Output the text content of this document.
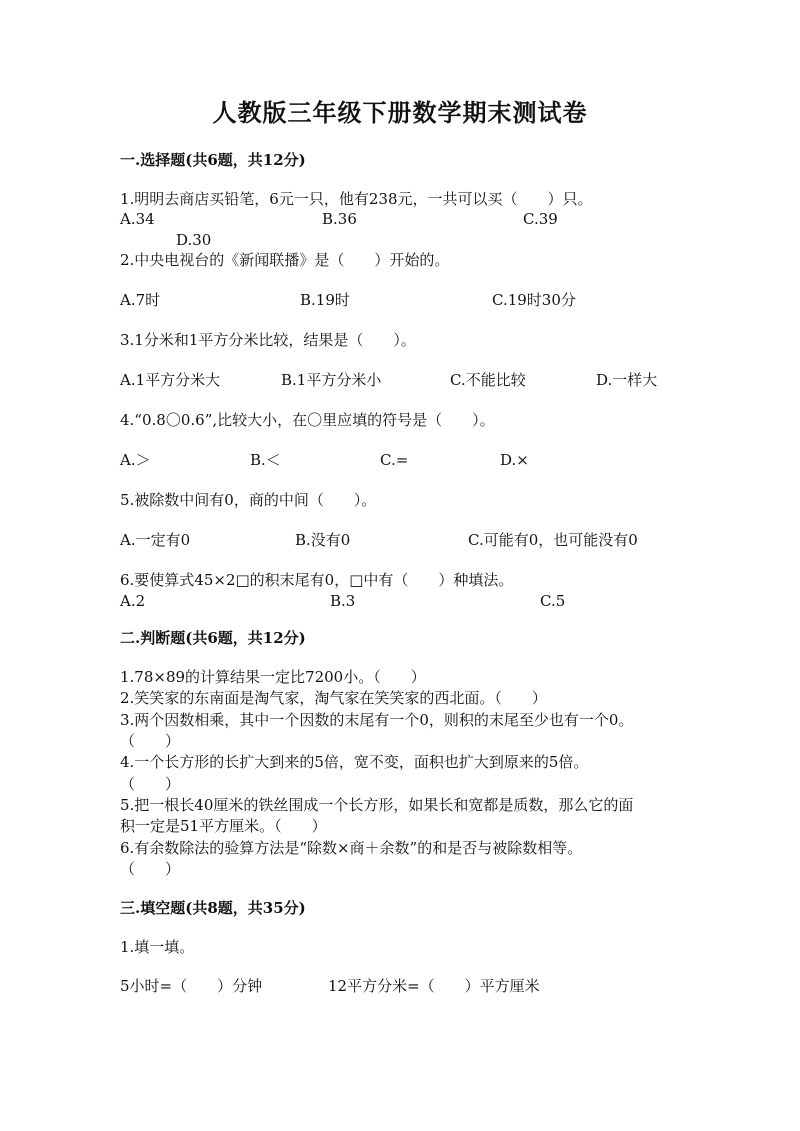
人教版三年级下册数学期末测试卷
一.选择题(共6题，共12分)
1.明明去商店买铅笔，6元一只，他有238元，一共可以买（　　）只。
A.34	B.36	C.39
D.30
2.中央电视台的《新闻联播》是（　　）开始的。
A.7时	B.19时	C.19时30分
3.1分米和1平方分米比较，结果是（　　）。
A.1平方分米大	B.1平方分米小	C.不能比较	D.一样大
4.“0.8〇0.6”,比较大小，在〇里应填的符号是（　　）。
A.＞	B.＜	C.=	D.×
5.被除数中间有0，商的中间（　　）。
A.一定有0	B.没有0	C.可能有0，也可能没有0
6.要使算式45×2□的积末尾有0，□中有（　　）种填法。
A.2	B.3	C.5
二.判断题(共6题，共12分)
1.78×89的计算结果一定比7200小。（　　）
2.笑笑家的东南面是淘气家，淘气家在笑笑家的西北面。（　　）
3.两个因数相乘，其中一个因数的末尾有一个0，则积的末尾至少也有一个0。
（　　）
4.一个长方形的长扩大到来的5倍，宽不变，面积也扩大到原来的5倍。
（　　）
5.把一根长40厘米的铁丝围成一个长方形，如果长和宽都是质数，那么它的面
积一定是51平方厘米。（　　）
6.有余数除法的验算方法是“除数×商＋余数”的和是否与被除数相等。
（　　）
三.填空题(共8题，共35分)
1.填一填。
5小时=（　　）分钟	12平方分米=（　　）平方厘米
